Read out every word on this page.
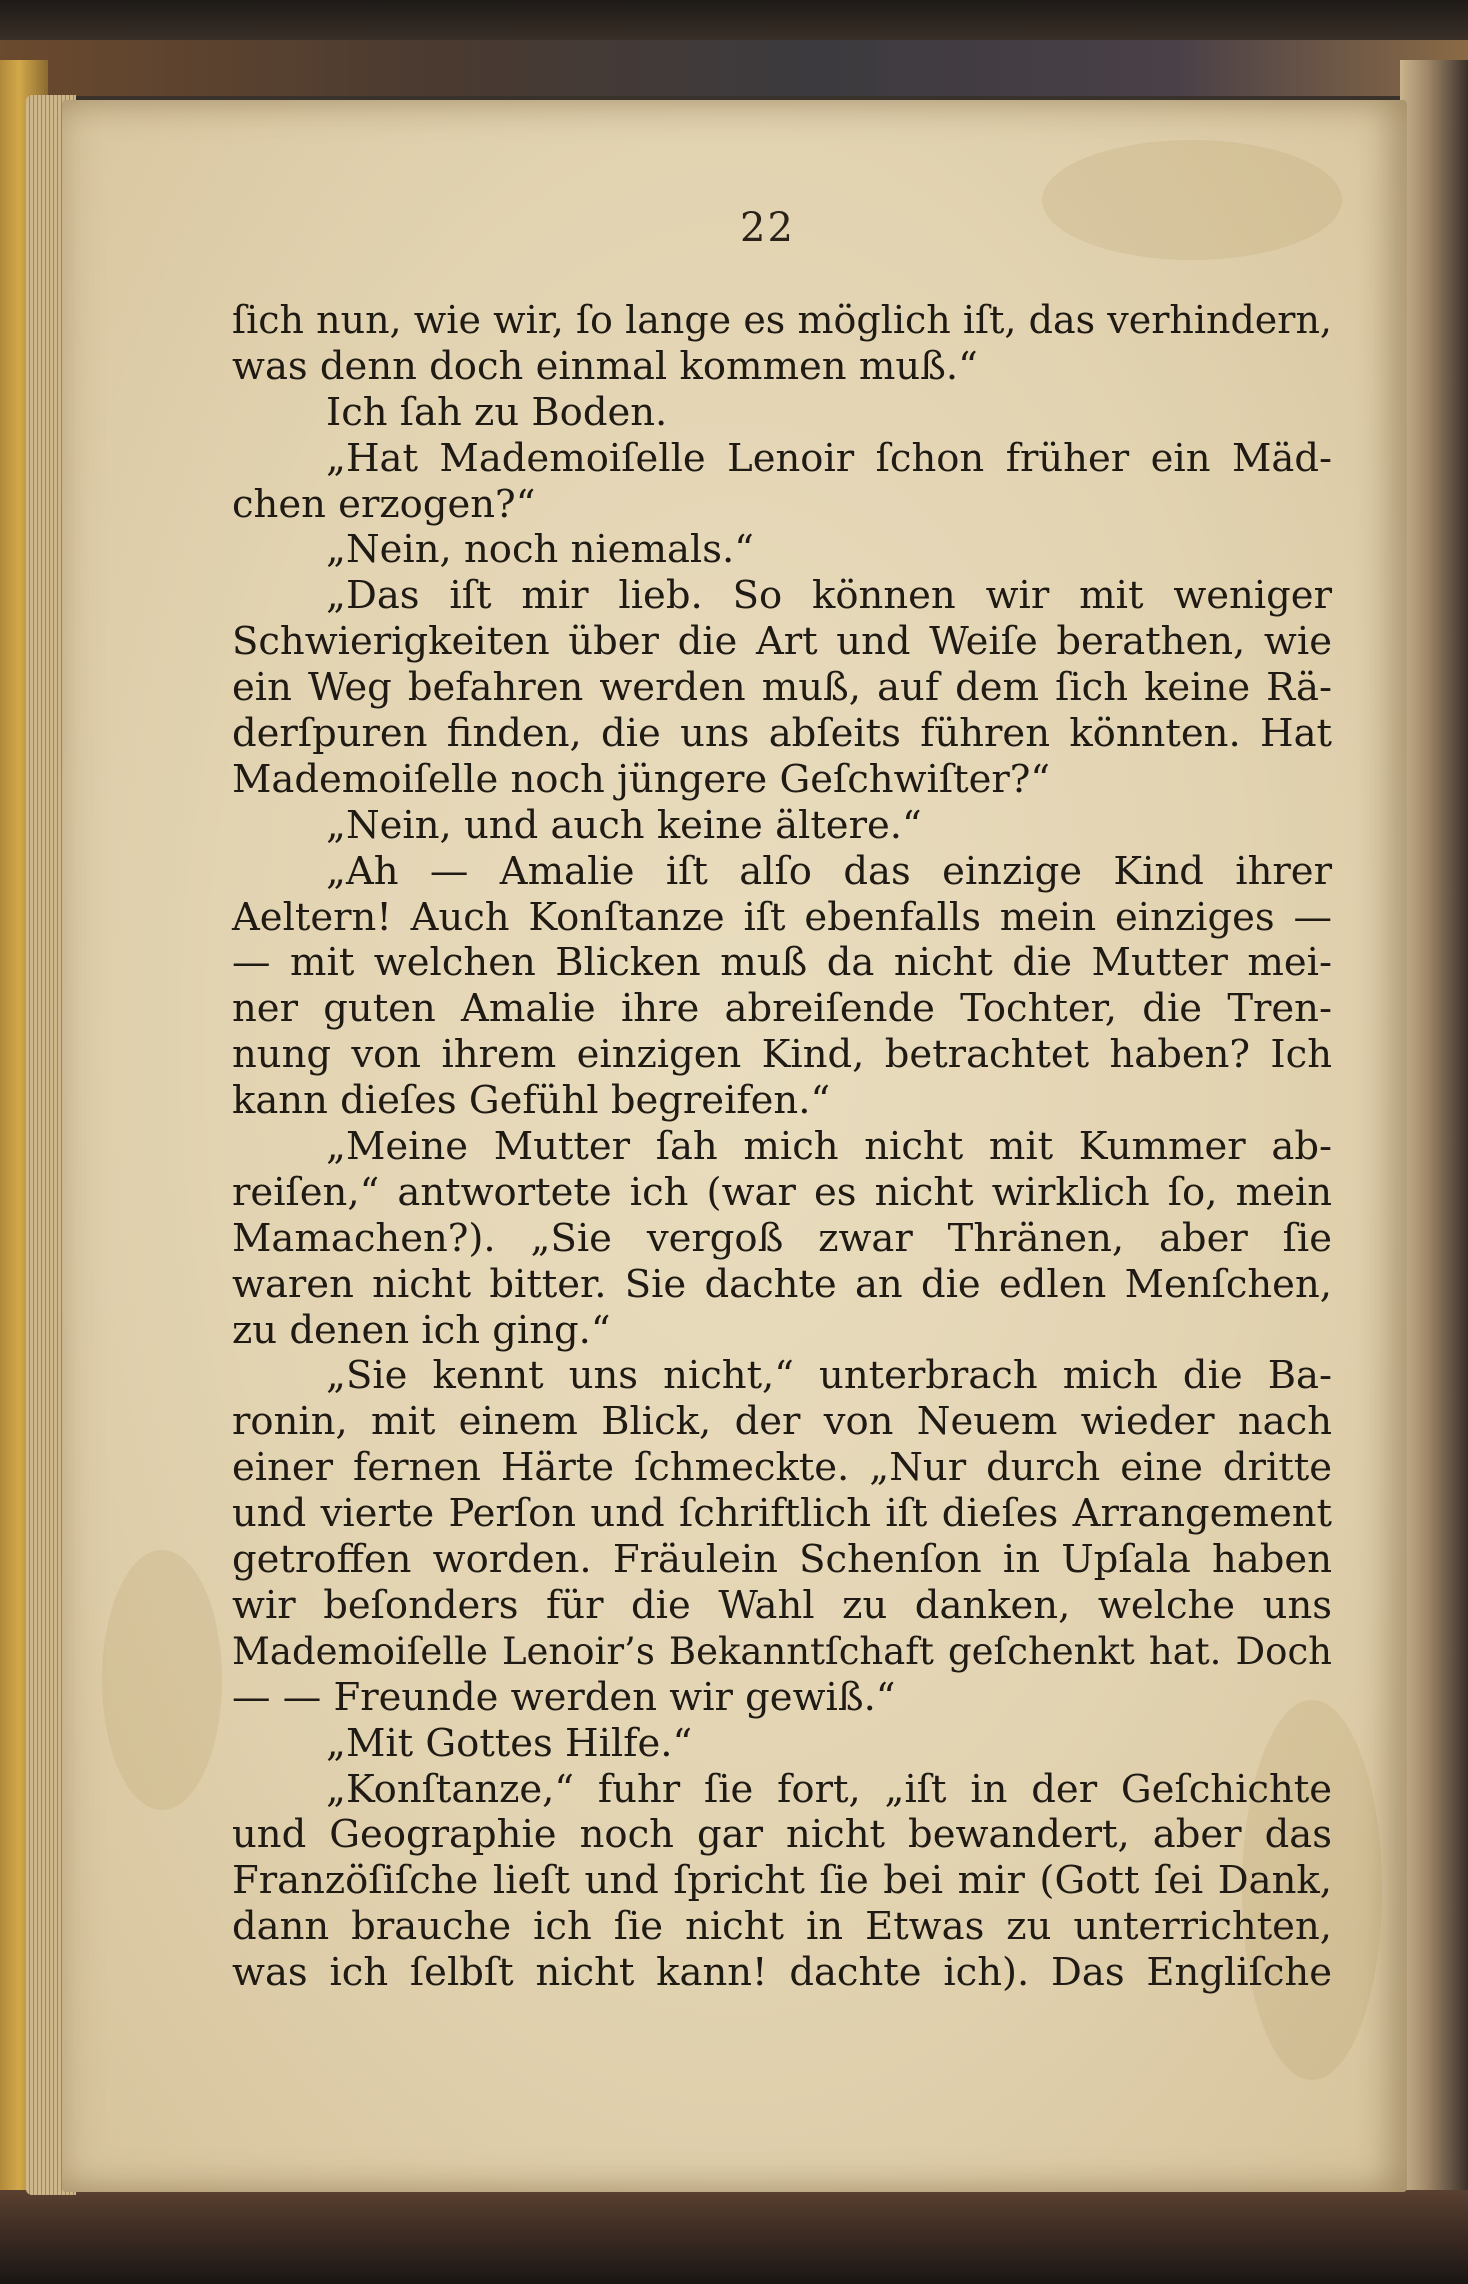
22
ſich nun, wie wir, ſo lange es möglich iſt, das verhindern,
was denn doch einmal kommen muß.“
Ich ſah zu Boden.
„Hat Mademoiſelle Lenoir ſchon früher ein Mäd-
chen erzogen?“
„Nein, noch niemals.“
„Das iſt mir lieb. So können wir mit weniger
Schwierigkeiten über die Art und Weiſe berathen, wie
ein Weg befahren werden muß, auf dem ſich keine Rä-
derſpuren finden, die uns abſeits führen könnten. Hat
Mademoiſelle noch jüngere Geſchwiſter?“
„Nein, und auch keine ältere.“
„Ah — Amalie iſt alſo das einzige Kind ihrer
Aeltern! Auch Konſtanze iſt ebenfalls mein einziges —
— mit welchen Blicken muß da nicht die Mutter mei-
ner guten Amalie ihre abreiſende Tochter, die Tren-
nung von ihrem einzigen Kind, betrachtet haben? Ich
kann dieſes Gefühl begreifen.“
„Meine Mutter ſah mich nicht mit Kummer ab-
reiſen,“ antwortete ich (war es nicht wirklich ſo, mein
Mamachen?). „Sie vergoß zwar Thränen, aber ſie
waren nicht bitter. Sie dachte an die edlen Menſchen,
zu denen ich ging.“
„Sie kennt uns nicht,“ unterbrach mich die Ba-
ronin, mit einem Blick, der von Neuem wieder nach
einer fernen Härte ſchmeckte. „Nur durch eine dritte
und vierte Perſon und ſchriftlich iſt dieſes Arrangement
getroffen worden. Fräulein Schenſon in Upſala haben
wir beſonders für die Wahl zu danken, welche uns
Mademoiſelle Lenoir’s Bekanntſchaft geſchenkt hat. Doch
— — Freunde werden wir gewiß.“
„Mit Gottes Hilfe.“
„Konſtanze,“ fuhr ſie fort, „iſt in der Geſchichte
und Geographie noch gar nicht bewandert, aber das
Franzöſiſche lieſt und ſpricht ſie bei mir (Gott ſei Dank,
dann brauche ich ſie nicht in Etwas zu unterrichten,
was ich ſelbſt nicht kann! dachte ich). Das Engliſche
